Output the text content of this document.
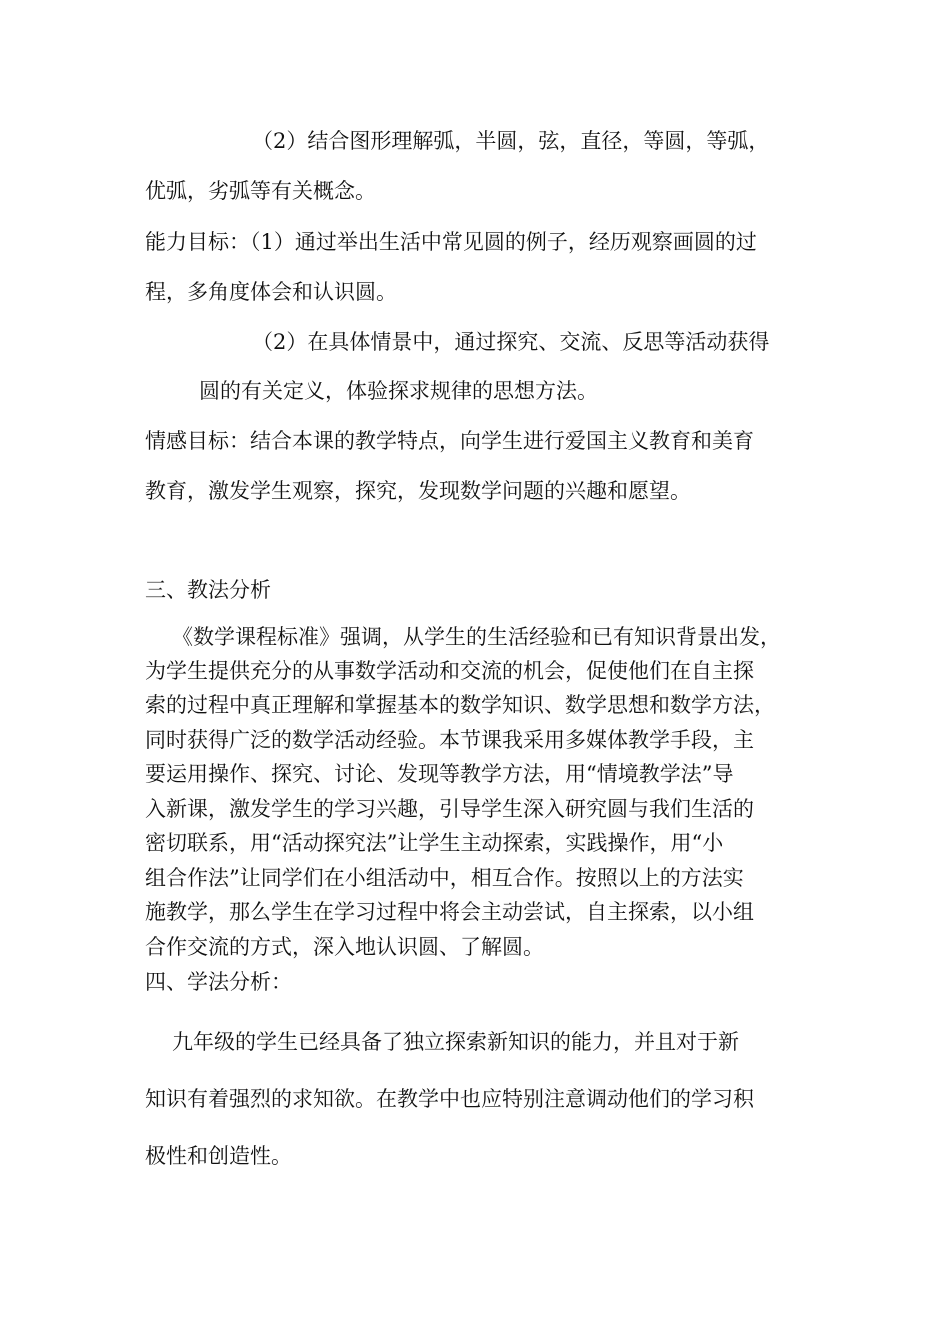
（2）结合图形理解弧，半圆，弦，直径，等圆，等弧，
优弧，劣弧等有关概念。
能力目标：（1）通过举出生活中常见圆的例子，经历观察画圆的过
程，多角度体会和认识圆。
（2）在具体情景中，通过探究、交流、反思等活动获得
圆的有关定义，体验探求规律的思想方法。
情感目标：结合本课的教学特点，向学生进行爱国主义教育和美育
教育，激发学生观察，探究，发现数学问题的兴趣和愿望。
三、教法分析
《数学课程标准》强调，从学生的生活经验和已有知识背景出发，
为学生提供充分的从事数学活动和交流的机会，促使他们在自主探
索的过程中真正理解和掌握基本的数学知识、数学思想和数学方法，
同时获得广泛的数学活动经验。本节课我采用多媒体教学手段，主
要运用操作、探究、讨论、发现等教学方法，用“情境教学法”导
入新课，激发学生的学习兴趣，引导学生深入研究圆与我们生活的
密切联系，用“活动探究法”让学生主动探索，实践操作，用“小
组合作法”让同学们在小组活动中，相互合作。按照以上的方法实
施教学，那么学生在学习过程中将会主动尝试，自主探索，以小组
合作交流的方式，深入地认识圆、了解圆。
四、学法分析：
九年级的学生已经具备了独立探索新知识的能力，并且对于新
知识有着强烈的求知欲。在教学中也应特别注意调动他们的学习积
极性和创造性。
